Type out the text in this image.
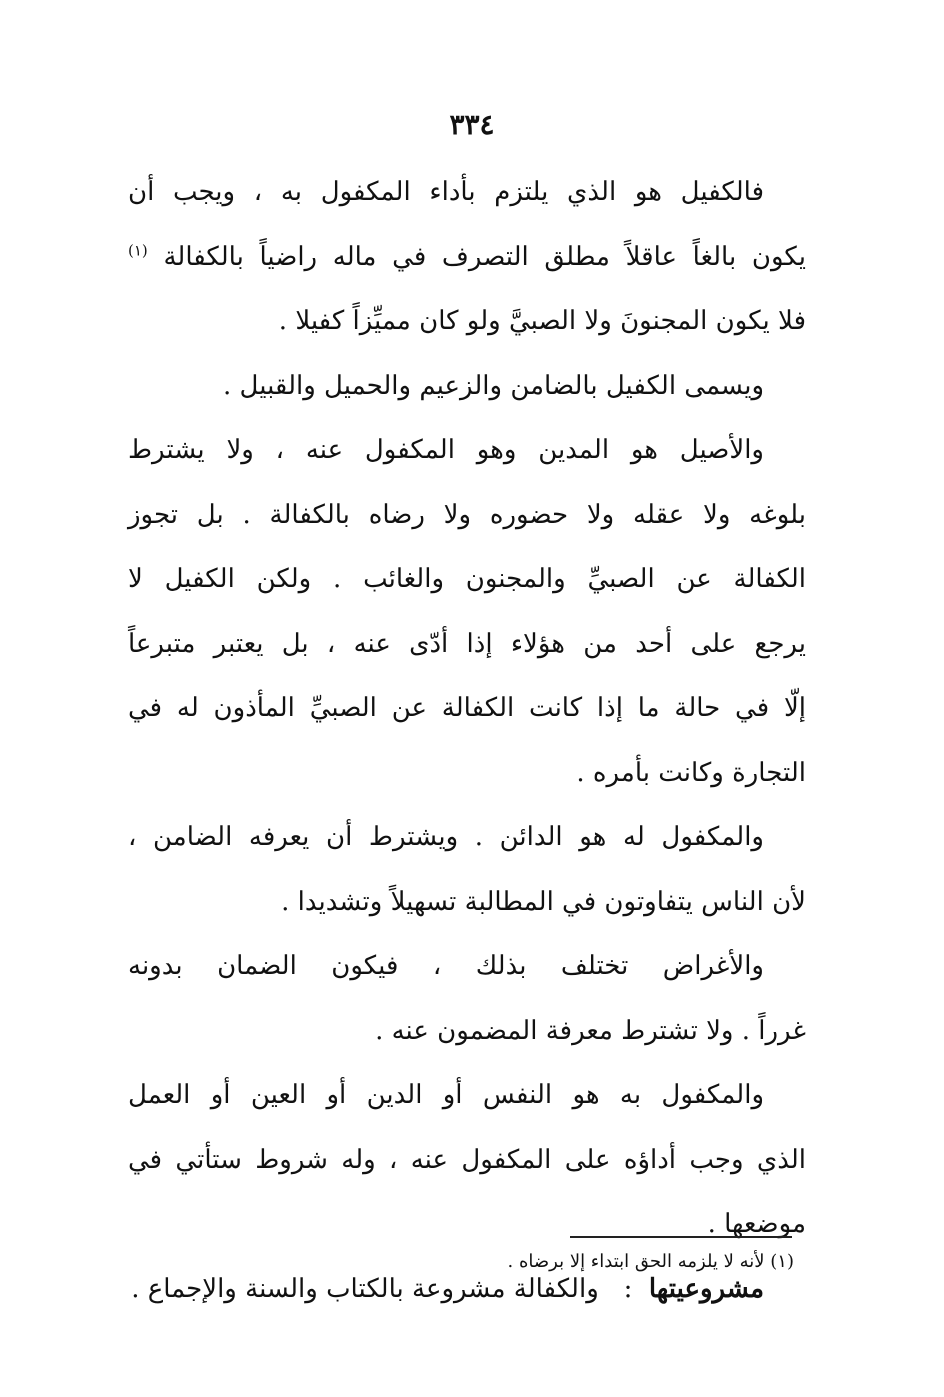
٣٣٤
فالكفيل هو الذي يلتزم بأداء المكفول به ، ويجب أن
يكون بالغاً عاقلاً مطلق التصرف في ماله راضياً بالكفالة $^{(١)}$
فلا يكون المجنونَ ولا الصبيَّ ولو كان مميِّزاً كفيلا .
ويسمى الكفيل بالضامن والزعيم والحميل والقبيل .
والأصيل هو المدين وهو المكفول عنه ، ولا يشترط
بلوغه ولا عقله ولا حضوره ولا رضاه بالكفالة . بل تجوز
الكفالة عن الصبيِّ والمجنون والغائب . ولكن الكفيل لا
يرجع على أحد من هؤلاء إذا أدّى عنه ، بل يعتبر متبرعاً
إلّا في حالة ما إذا كانت الكفالة عن الصبيِّ المأذون له في
التجارة وكانت بأمره .
والمكفول له هو الدائن . ويشترط أن يعرفه الضامن ،
لأن الناس يتفاوتون في المطالبة تسهيلاً وتشديدا .
والأغراض تختلف بذلك ، فيكون الضمان بدونه
غرراً . ولا تشترط معرفة المضمون عنه .
والمكفول به هو النفس أو الدين أو العين أو العمل
الذي وجب أداؤه على المكفول عنه ، وله شروط ستأتي في
موضعها .
مشروعيتها  :   والكفالة مشروعة بالكتاب والسنة والإجماع .
(١) لأنه لا يلزمه الحق ابتداء إلا برضاه .
